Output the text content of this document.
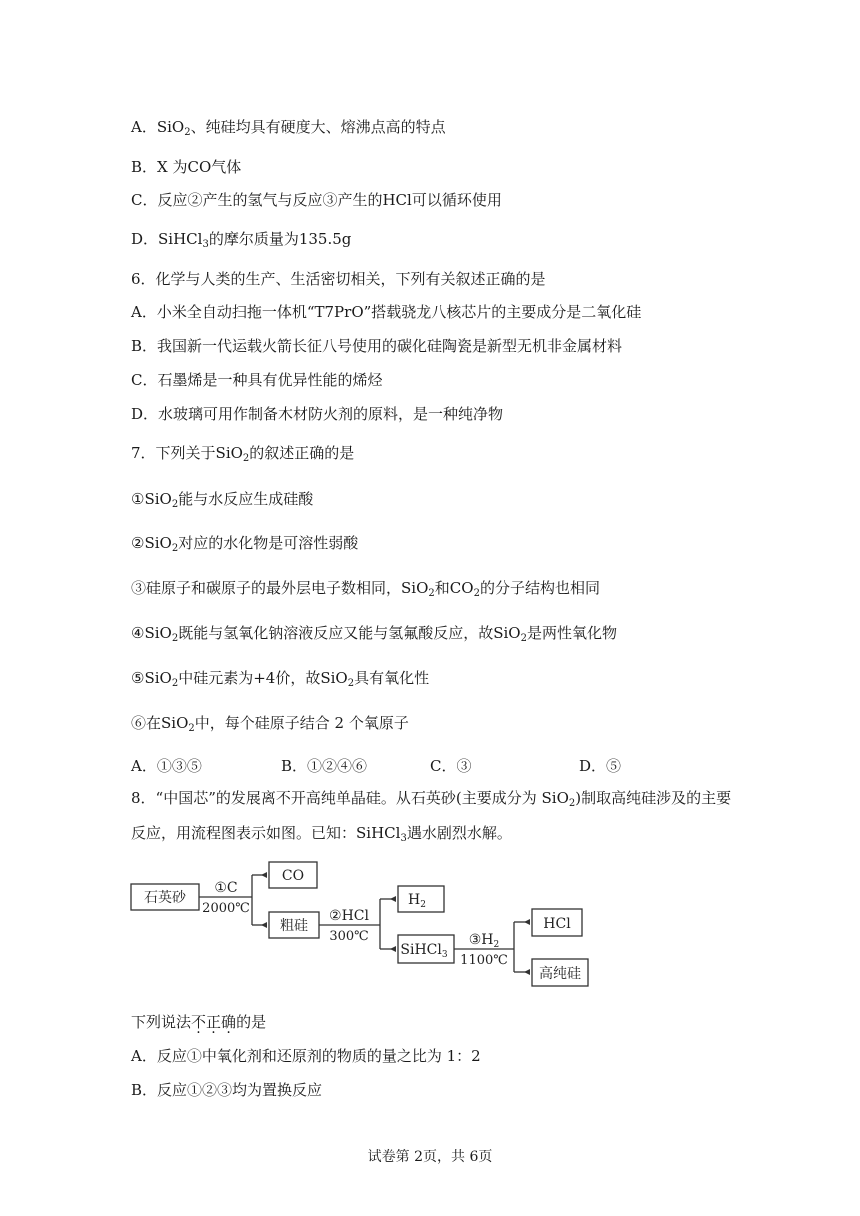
A．SiO$_2$、纯硅均具有硬度大、熔沸点高的特点
B．X 为CO气体
C．反应②产生的氢气与反应③产生的HCl可以循环使用
D．SiHCl$_3$的摩尔质量为135.5g
6．化学与人类的生产、生活密切相关，下列有关叙述正确的是
A．小米全自动扫拖一体机“T7PrO”搭载骁龙八核芯片的主要成分是二氧化硅
B．我国新一代运载火箭长征八号使用的碳化硅陶瓷是新型无机非金属材料
C．石墨烯是一种具有优异性能的烯烃
D．水玻璃可用作制备木材防火剂的原料，是一种纯净物
7．下列关于SiO$_2$的叙述正确的是
①SiO$_2$能与水反应生成硅酸
②SiO$_2$对应的水化物是可溶性弱酸
③硅原子和碳原子的最外层电子数相同，SiO$_2$和$CO_2$的分子结构也相同
④SiO$_2$既能与氢氧化钠溶液反应又能与氢氟酸反应，故SiO$_2$是两性氧化物
⑤SiO$_2$中硅元素为+4价，故SiO$_2$具有氧化性
⑥在SiO$_2$中，每个硅原子结合 2 个氧原子
A．①③⑤	B．①②④⑥	C．③	D．⑤
8．“中国芯”的发展离不开高纯单晶硅。从石英砂(主要成分为 SiO$_2$)制取高纯硅涉及的主要
反应，用流程图表示如图。已知：SiHCl$_3$遇水剧烈水解。
石英砂
①C
2000℃
CO
粗硅
②HCl
300℃
$H_2$
SiHCl$_3$
$③H_2$
1100℃
HCl
高纯硅
下列说法不正确的是
A．反应①中氧化剂和还原剂的物质的量之比为 1：2
B．反应①②③均为置换反应
试卷第 2页，共 6页
